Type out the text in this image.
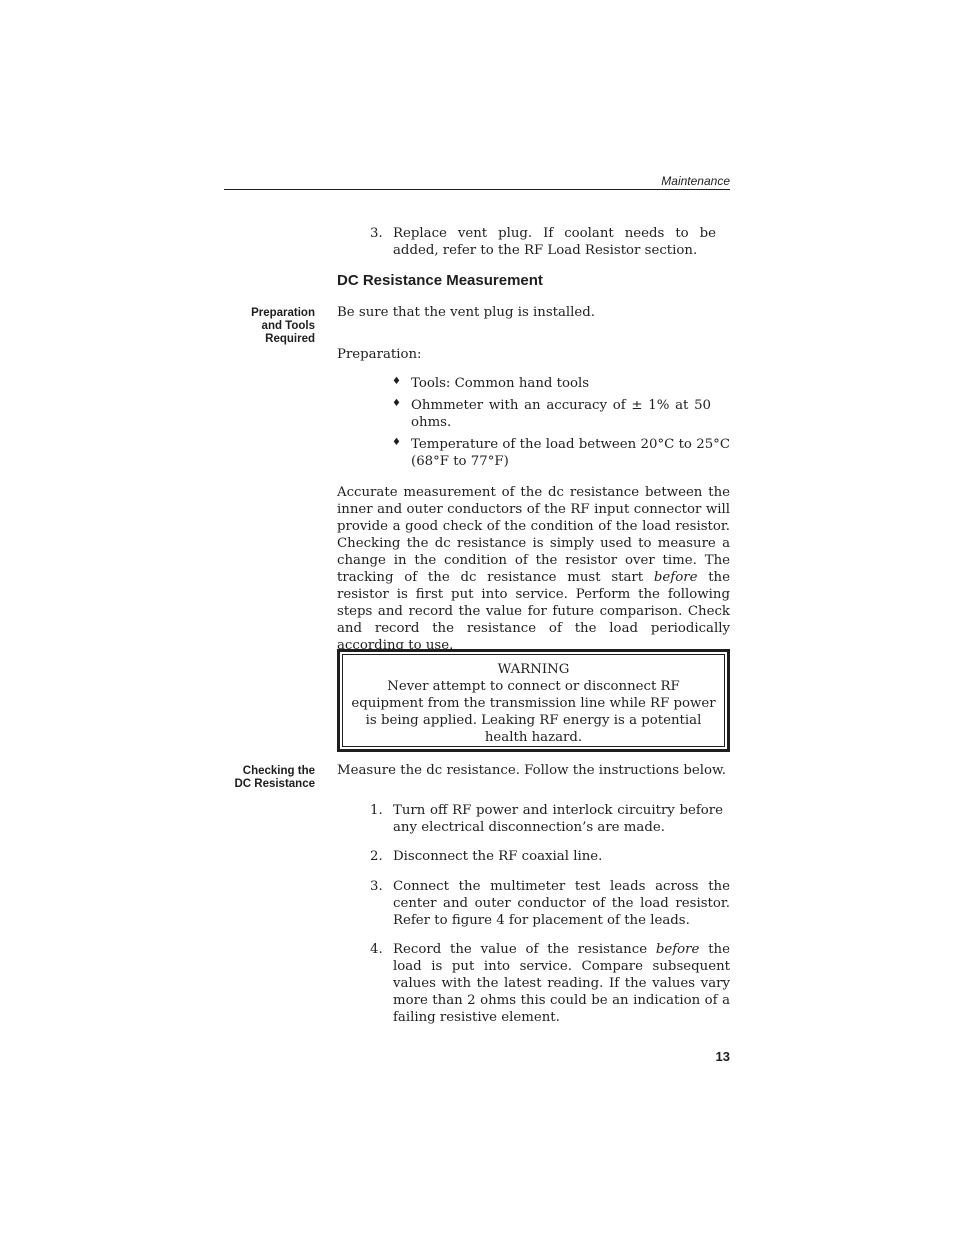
Maintenance
3. Replace vent plug. If coolant needs to be added, refer to the RF Load Resistor section.
DC Resistance Measurement
Preparation
and Tools
Required
Be sure that the vent plug is installed.
Preparation:
♦ Tools: Common hand tools
♦ Ohmmeter with an accuracy of ± 1% at 50 ohms.
♦ Temperature of the load between 20°C to 25°C (68°F to 77°F)
Accurate measurement of the dc resistance between the inner and outer conductors of the RF input connector will provide a good check of the condition of the load resistor. Checking the dc resistance is simply used to measure a change in the condition of the resistor over time. The tracking of the dc resistance must start before the resistor is first put into service. Perform the following steps and record the value for future comparison. Check and record the resistance of the load periodically according to use.
WARNING
Never attempt to connect or disconnect RF equipment from the transmission line while RF power is being applied. Leaking RF energy is a potential health hazard.
Checking the
DC Resistance
Measure the dc resistance. Follow the instructions below.
1. Turn off RF power and interlock circuitry before any electrical disconnection’s are made.
2. Disconnect the RF coaxial line.
3. Connect the multimeter test leads across the center and outer conductor of the load resistor. Refer to figure 4 for placement of the leads.
4. Record the value of the resistance before the load is put into service. Compare subsequent values with the latest reading. If the values vary more than 2 ohms this could be an indication of a failing resistive element.
13
